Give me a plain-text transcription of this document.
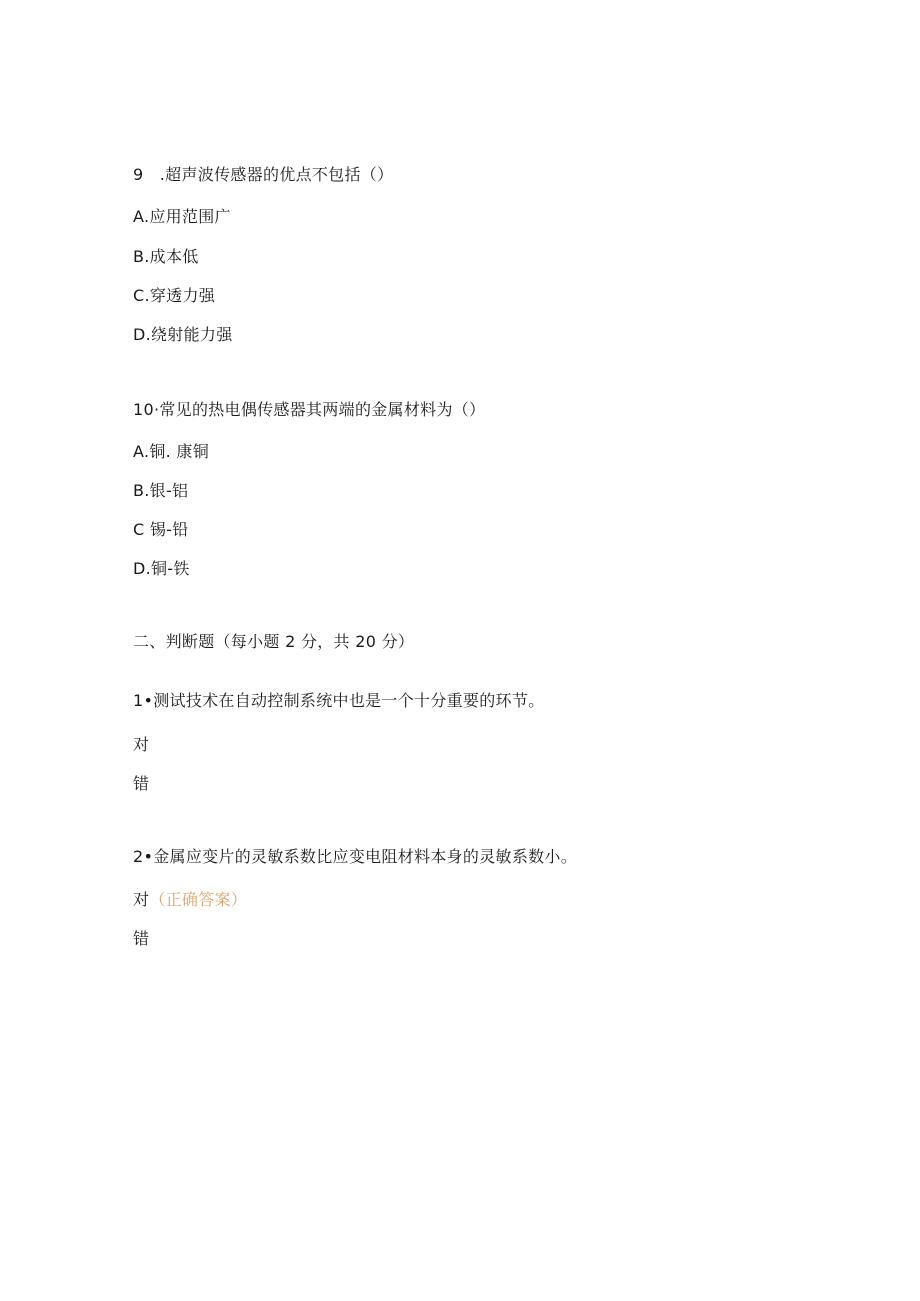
9　.超声波传感器的优点不包括（）
A.应用范围广
B.成本低
C.穿透力强
D.绕射能力强
10·常见的热电偶传感器其两端的金属材料为（）
A.铜. 康铜
B.银-铝
C 锡-铅
D.铜-铁
二、判断题（每小题 2 分，共 20 分）
1•测试技术在自动控制系统中也是一个十分重要的环节。
对
错
2•金属应变片的灵敏系数比应变电阻材料本身的灵敏系数小。
对（正确答案）
错
